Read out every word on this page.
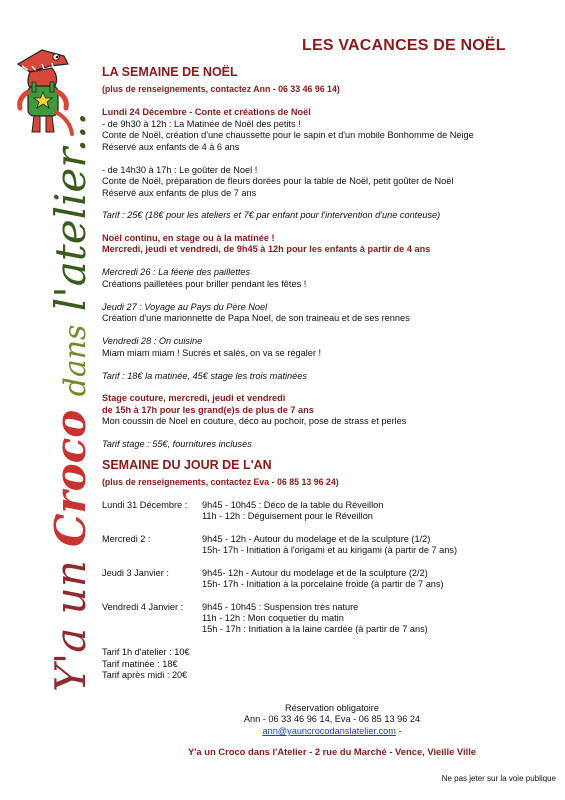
Y'a un Croco dans l'atelier...
LES VACANCES DE NOËL
LA SEMAINE DE NOËL
(plus de renseignements, contactez Ann - 06 33 46 96 14)
Lundi 24 Décembre - Conte et créations de Noël
- de 9h30 à 12h : La Matinée de Noël des petits !
Conte de Noël, création d'une chaussette pour le sapin et d'un mobile Bonhomme de Neige
Réservé aux enfants de 4 à 6 ans
- de 14h30 à 17h : Le goûter de Noel !
Conte de Noël, préparation de fleurs dorées pour la table de Noël, petit goûter de Noël
Réservé aux enfants de plus de 7 ans
Tarif : 25€ (18€ pour les ateliers et 7€ par enfant pour l'intervention d'une conteuse)
Noël continu, en stage ou à la matinée !
Mercredi, jeudi et vendredi, de 9h45 à 12h pour les enfants à partir de 4 ans
Mercredi 26 : La féerie des paillettes
Créations pailletées pour briller pendant les fêtes !
Jeudi 27 : Voyage au Pays du Père Noel
Création d'une marionnette de Papa Noel, de son traineau et de ses rennes
Vendredi 28 : On cuisine
Miam miam miam ! Sucrés et salés, on va se régaler !
Tarif : 18€ la matinée, 45€ stage les trois matinées
Stage couture, mercredi, jeudi et vendredi
de 15h à 17h pour les grand(e)s de plus de 7 ans
Mon coussin de Noel en couture, déco au pochoir, pose de strass et perles
Tarif stage : 55€, fournitures incluses
SEMAINE DU JOUR DE L'AN
(plus de renseignements, contactez Eva - 06 85 13 96 24)
Lundi 31 Décembre : 9h45 - 10h45 : Déco de la table du Réveillon
11h - 12h : Déguisement pour le Réveillon
Mercredi 2 :	9h45 - 12h - Autour du modelage et de la sculpture (1/2)
15h- 17h - Initiation à l'origami et au kirigami (à partir de 7 ans)
Jeudi 3 Janvier :	9h45- 12h - Autour du modelage et de la sculpture (2/2)
15h- 17h - Initiation à la porcelaine froide (à partir de 7 ans)
Vendredi 4 Janvier : 9h45 - 10h45 : Suspension très nature
11h - 12h : Mon coquetier du matin
15h - 17h : Initiation à la laine cardée (à partir de 7 ans)
Tarif 1h d'atelier : 10€
Tarif matinée : 18€
Tarif après midi : 20€
Réservation obligatoire
Ann - 06 33 46 96 14, Eva - 06 85 13 96 24
ann@yauncrocodanslatelier.com -
Y'a un Croco dans l'Atelier - 2 rue du Marché - Vence, Vieille Ville
Ne pas jeter sur la voie publique
